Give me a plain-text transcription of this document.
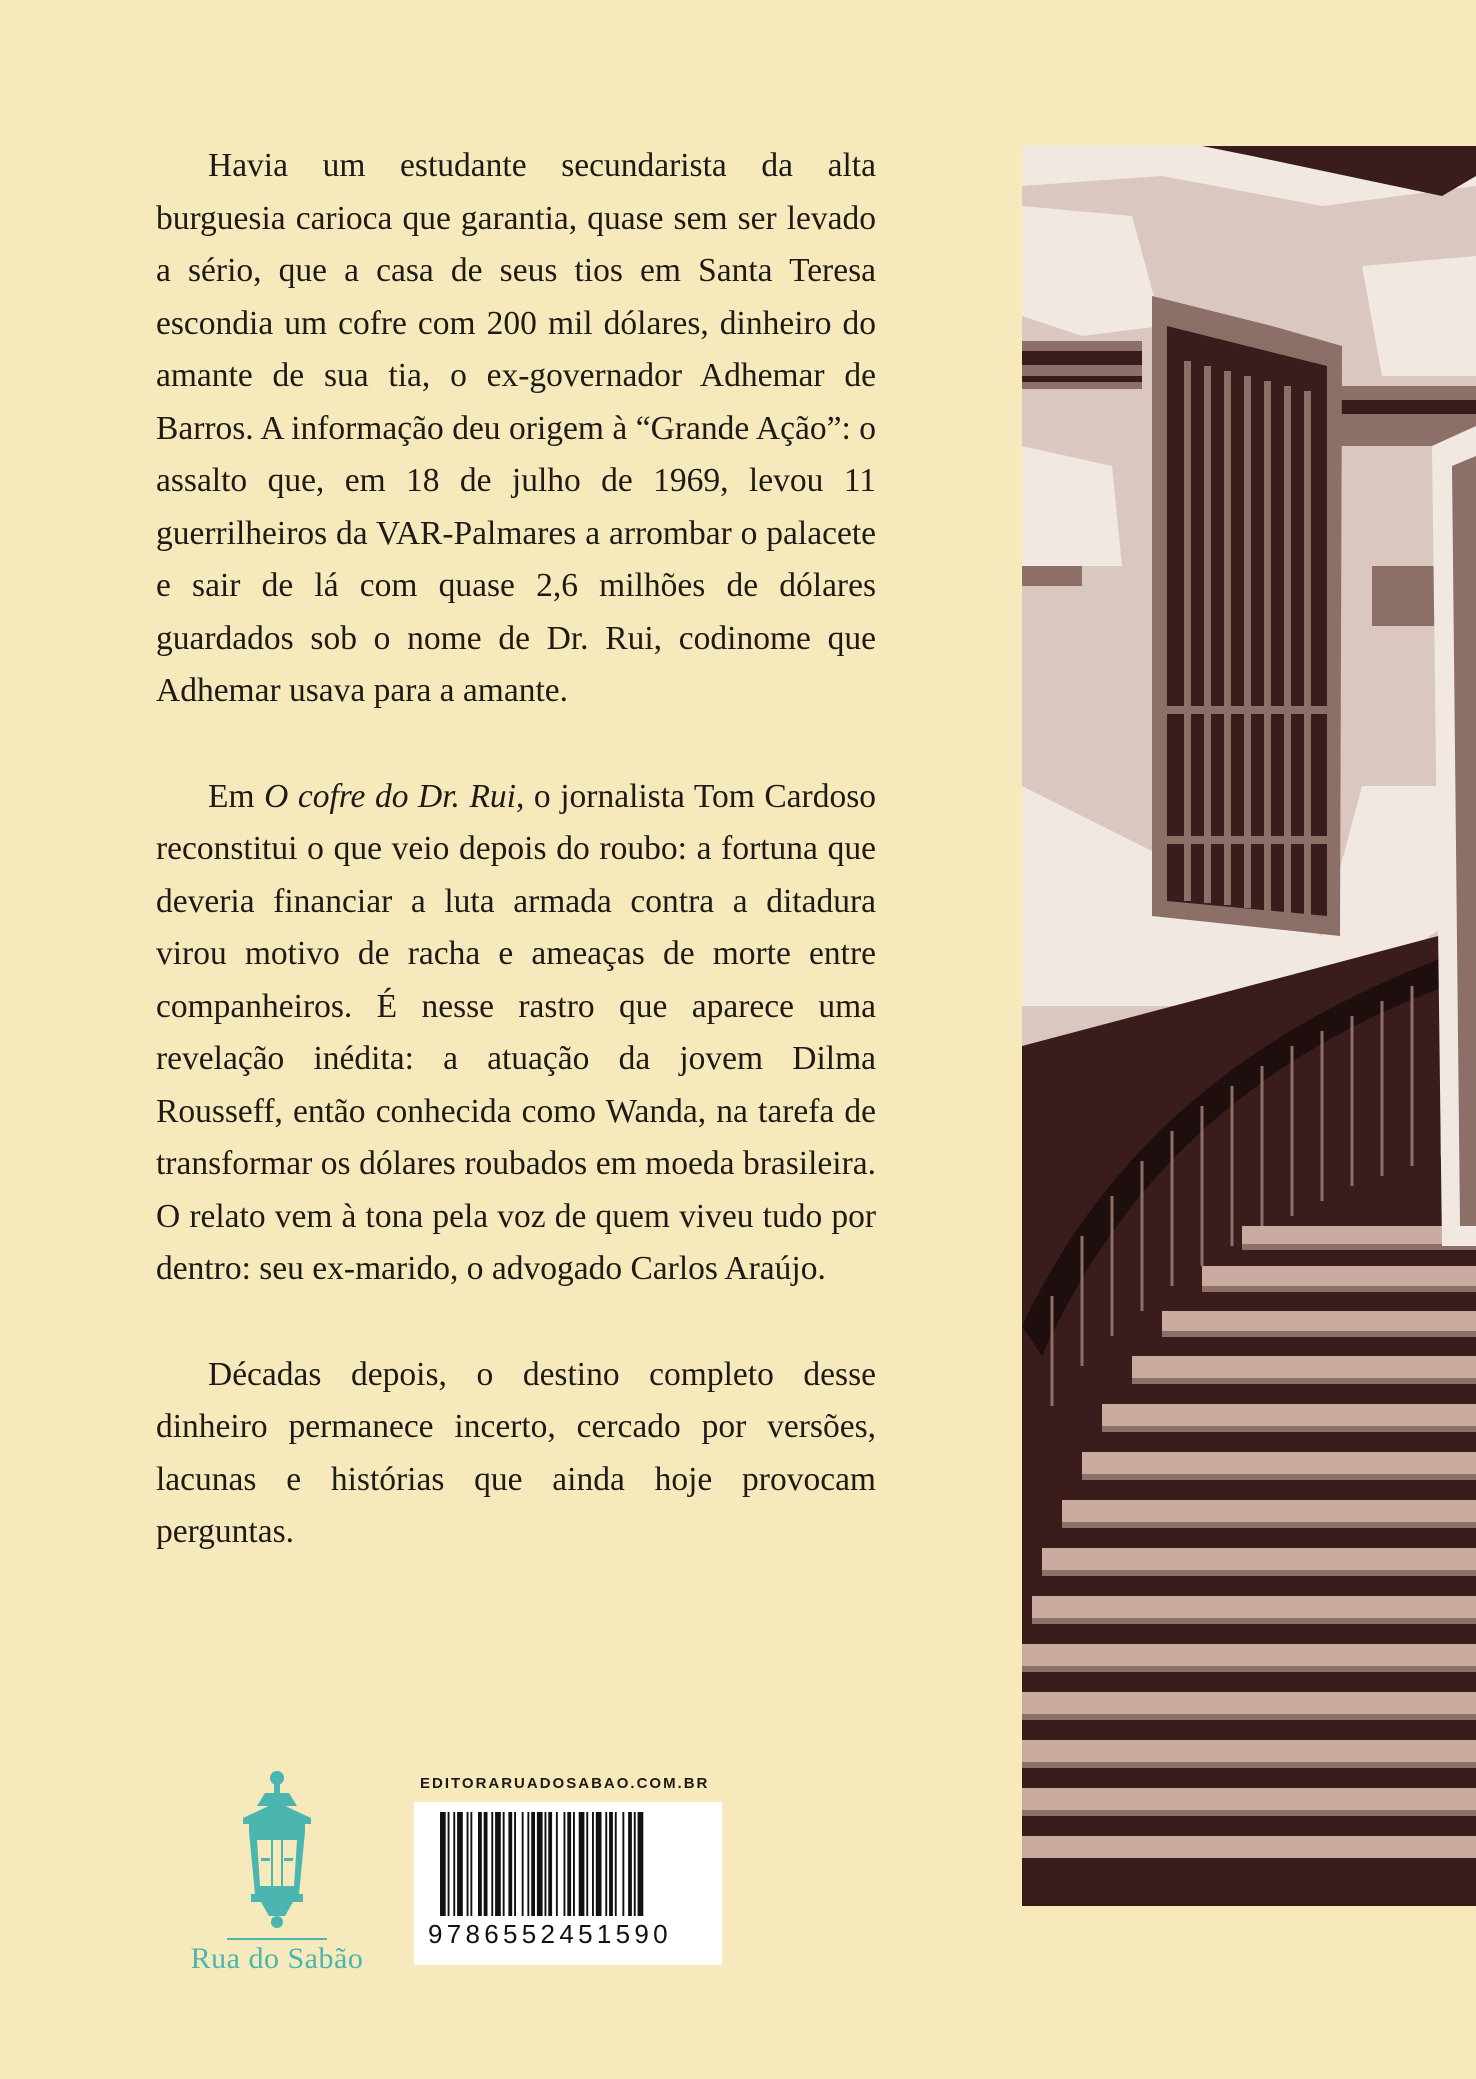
Havia um estudante secundarista da alta burguesia carioca que garantia, quase sem ser levado a sério, que a casa de seus tios em Santa Teresa escondia um cofre com 200 mil dólares, dinheiro do amante de sua tia, o ex-governador Adhemar de Barros. A informação deu origem à “Grande Ação”: o assalto que, em 18 de julho de 1969, levou 11 guerrilheiros da VAR-Palmares a arrombar o palacete e sair de lá com quase 2,6 milhões de dólares guardados sob o nome de Dr. Rui, codinome que Adhemar usava para a amante.

Em O cofre do Dr. Rui, o jornalista Tom Cardoso reconstitui o que veio depois do roubo: a fortuna que deveria financiar a luta armada contra a ditadura virou motivo de racha e ameaças de morte entre companheiros. É nesse rastro que aparece uma revelação inédita: a atuação da jovem Dilma Rousseff, então conhecida como Wanda, na tarefa de transformar os dólares roubados em moeda brasileira. O relato vem à tona pela voz de quem viveu tudo por dentro: seu ex-marido, o advogado Carlos Araújo.

Décadas depois, o destino completo desse dinheiro permanece incerto, cercado por versões, lacunas e histórias que ainda hoje provocam perguntas.

Rua do Sabão
EDITORARUADOSABAO.COM.BR
9786552451590
